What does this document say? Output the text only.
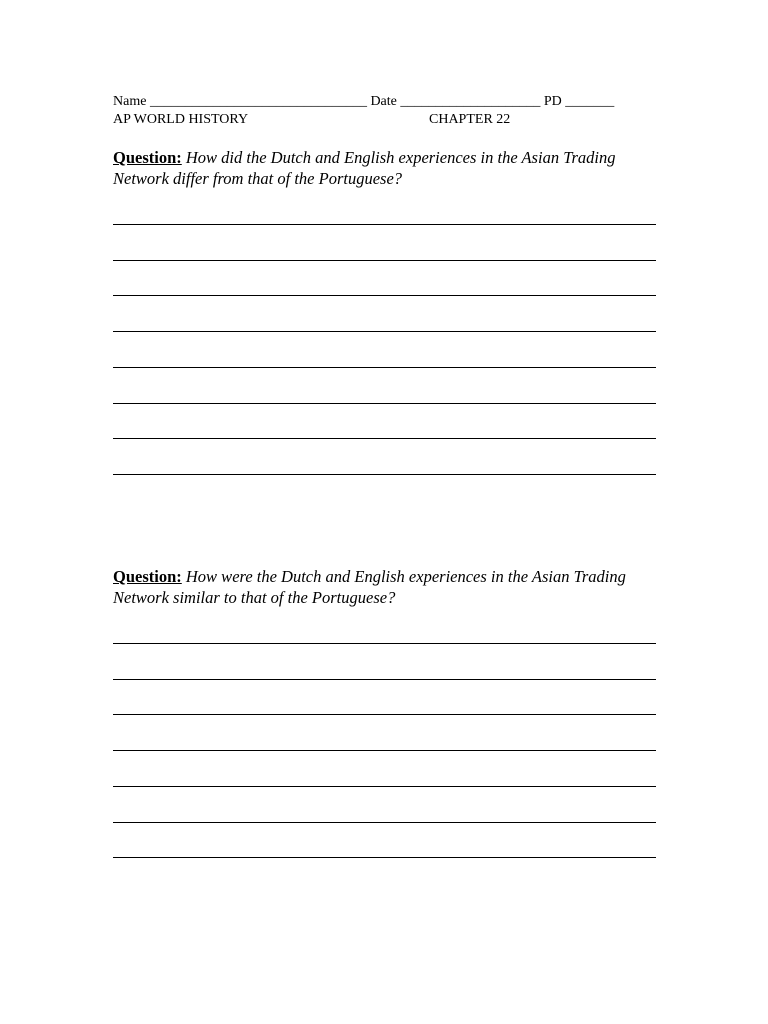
Name _______________________________ Date ____________________ PD _______
AP WORLD HISTORY	CHAPTER 22
Question: How did the Dutch and English experiences in the Asian Trading Network differ from that of the Portuguese?
Question: How were the Dutch and English experiences in the Asian Trading Network similar to that of the Portuguese?
